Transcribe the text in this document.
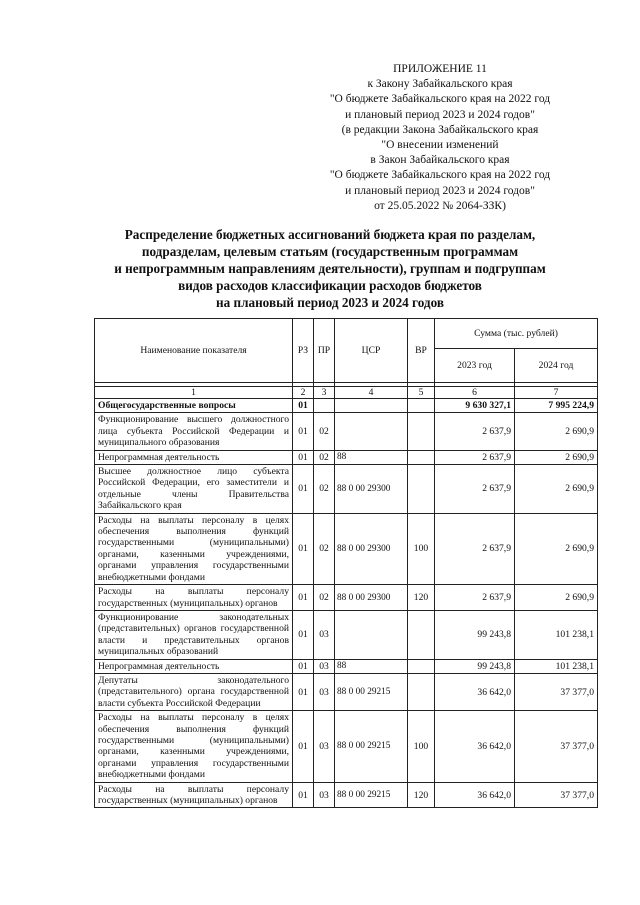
ПРИЛОЖЕНИЕ 11
к Закону Забайкальского края
"О бюджете Забайкальского края на 2022 год
и плановый период 2023 и 2024 годов"
(в редакции Закона Забайкальского края
"О внесении изменений
в Закон Забайкальского края
"О бюджете Забайкальского края на 2022 год
и плановый период 2023 и 2024 годов"
от 25.05.2022 № 2064-ЗЗК)
Распределение бюджетных ассигнований бюджета края по разделам,
подразделам, целевым статьям (государственным программам
и непрограммным направлениям деятельности), группам и подгруппам
видов расходов классификации расходов бюджетов
на плановый период 2023 и 2024 годов
Наименование показателя	РЗ	ПР	ЦСР	ВР	Сумма (тыс. рублей)	
					2023 год	2024 год

1	2	3	4	5	6	7
Общегосударственные вопросы	01				9 630 327,1	7 995 224,9
Функционирование высшего должностного лица субъекта Российской Федерации и муниципального образования	01	02			2 637,9	2 690,9
Непрограммная деятельность	01	02	88		2 637,9	2 690,9
Высшее должностное лицо субъекта Российской Федерации, его заместители и отдельные члены Правительства Забайкальского края	01	02	88 0 00 29300		2 637,9	2 690,9
Расходы на выплаты персоналу в целях обеспечения выполнения функций государственными (муниципальными) органами, казенными учреждениями, органами управления государственными внебюджетными фондами	01	02	88 0 00 29300	100	2 637,9	2 690,9
Расходы на выплаты персоналу государственных (муниципальных) органов	01	02	88 0 00 29300	120	2 637,9	2 690,9
Функционирование законодательных (представительных) органов государственной власти и представительных органов муниципальных образований	01	03			99 243,8	101 238,1
Непрограммная деятельность	01	03	88		99 243,8	101 238,1
Депутаты законодательного (представительного) органа государственной власти субъекта Российской Федерации	01	03	88 0 00 29215		36 642,0	37 377,0
Расходы на выплаты персоналу в целях обеспечения выполнения функций государственными (муниципальными) органами, казенными учреждениями, органами управления государственными внебюджетными фондами	01	03	88 0 00 29215	100	36 642,0	37 377,0
Расходы на выплаты персоналу государственных (муниципальных) органов	01	03	88 0 00 29215	120	36 642,0	37 377,0
